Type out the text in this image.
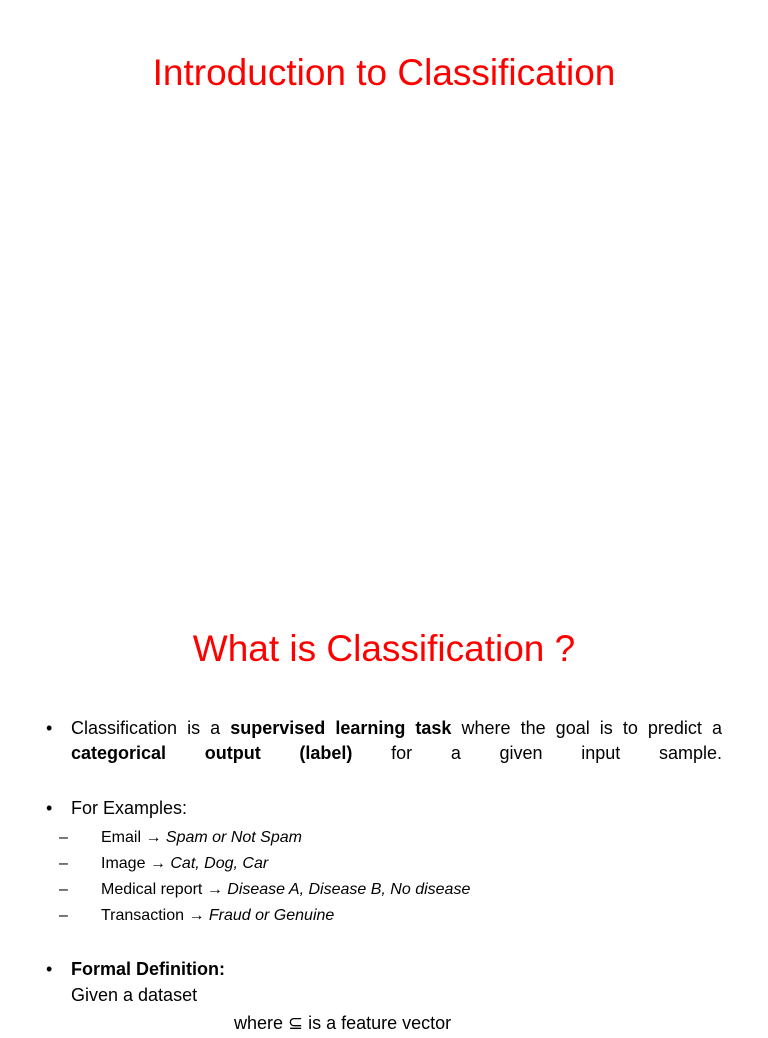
Introduction to Classification
What is Classification ?
•	Classification is a supervised learning task where the goal is to predict a
categorical output (label) for a given input sample.
•	For Examples:
– Email → Spam or Not Spam
– Image → Cat, Dog, Car
– Medical report → Disease A, Disease B, No disease
– Transaction → Fraud or Genuine
•	Formal Definition:
Given a dataset
where ⊆ is a feature vector
